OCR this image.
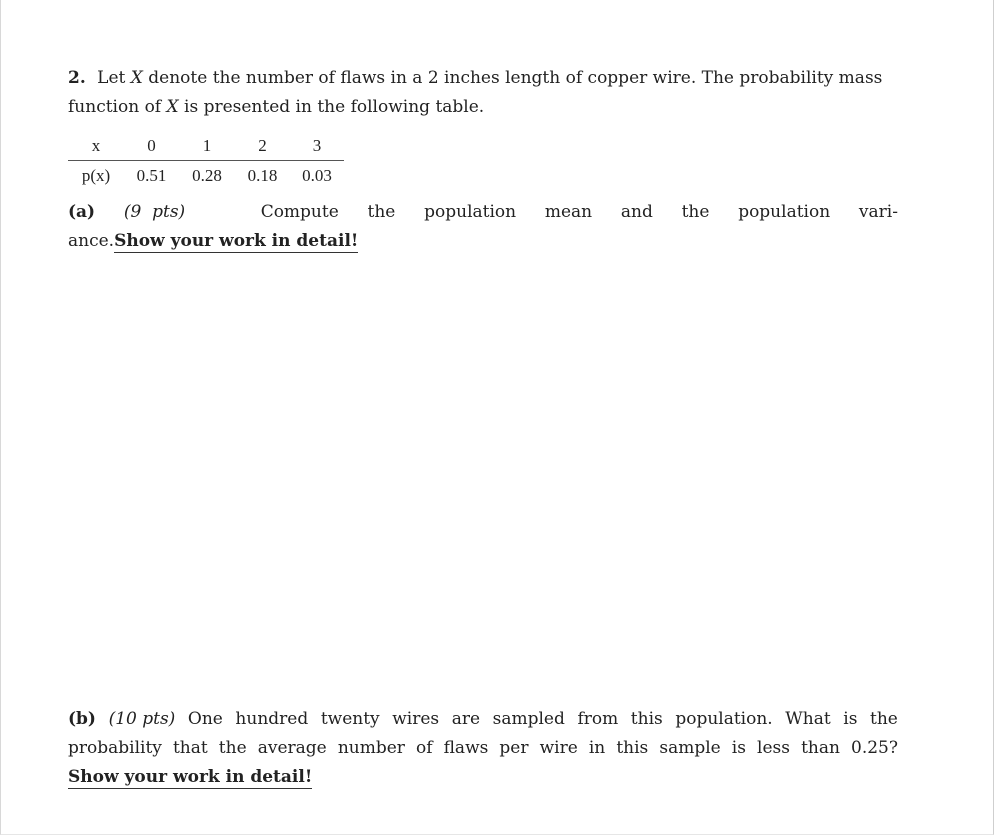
2. Let X denote the number of flaws in a 2 inches length of copper wire. The probability mass
function of X is presented in the following table.
x	0	1	2	3
p(x)	0.51	0.28	0.18	0.03
(a) (9  pts)	Compute the population mean and the population vari-
ance.Show your work in detail!
(b) (10 pts) One hundred twenty wires are sampled from this population. What is the
probability that the average number of flaws per wire in this sample is less than 0.25?
Show your work in detail!
